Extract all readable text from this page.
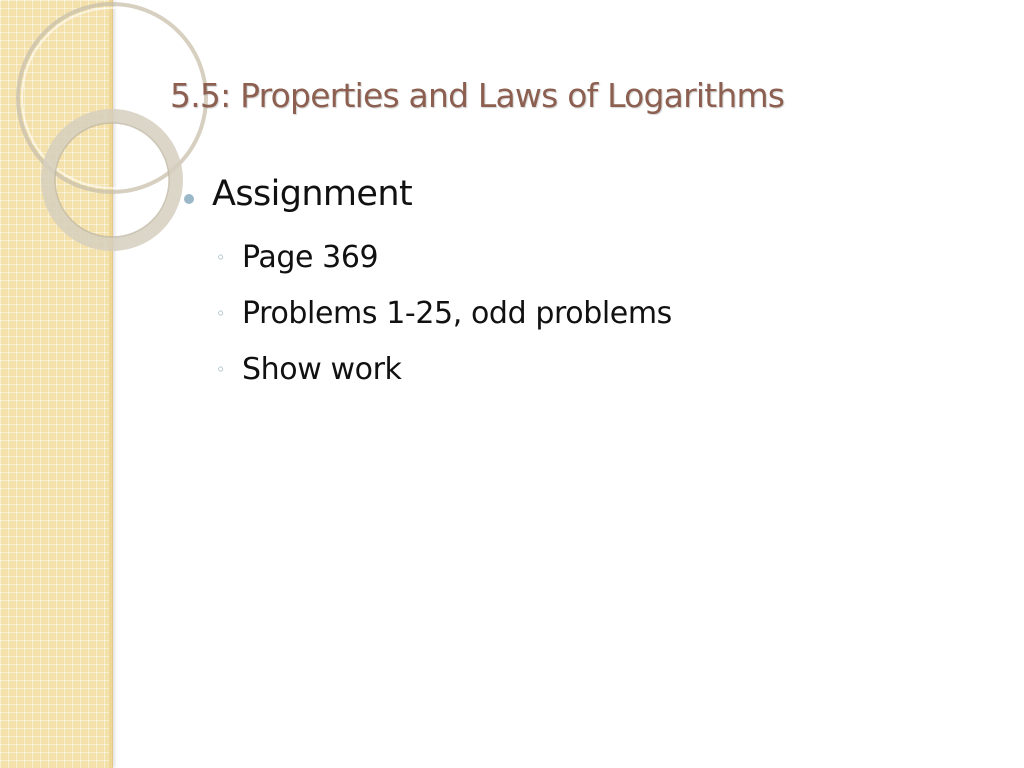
5.5: Properties and Laws of Logarithms
Assignment
◦ Page 369
◦ Problems 1-25, odd problems
◦ Show work
